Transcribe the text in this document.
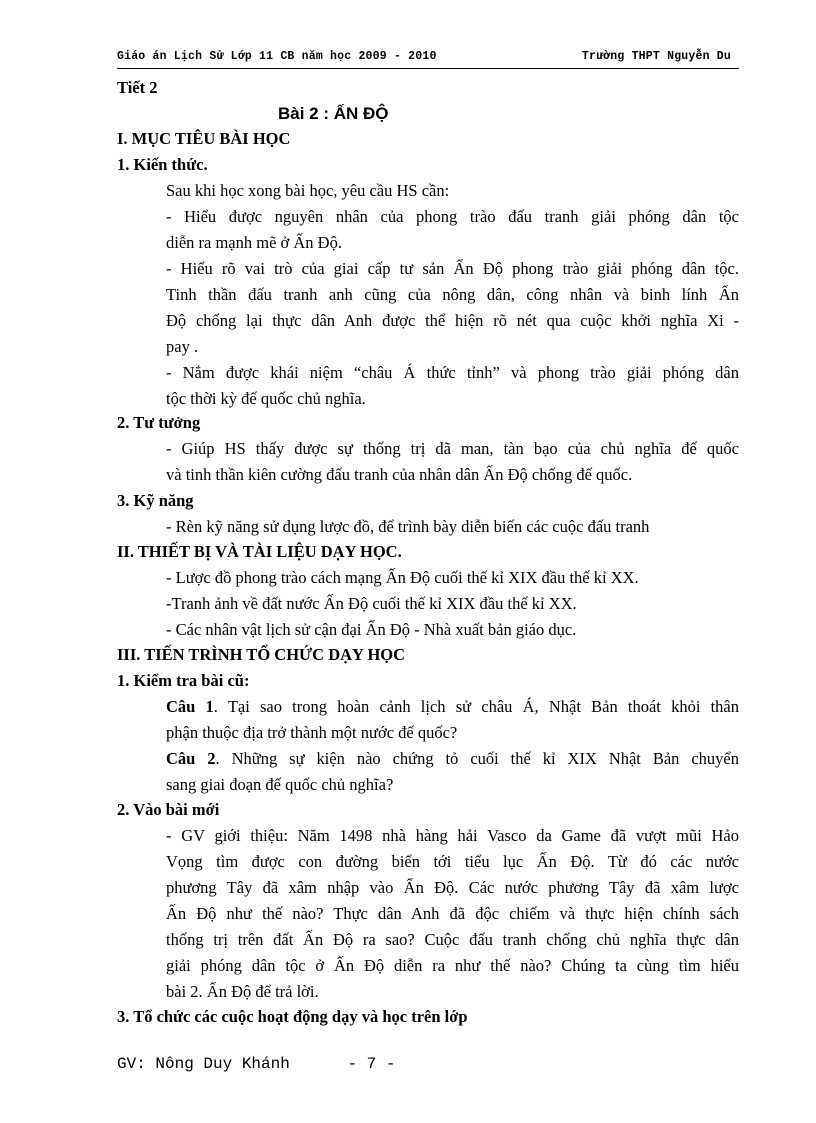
Giáo án Lịch Sử Lớp 11 CB năm học 2009 - 2010	Trường THPT Nguyễn Du
Tiết 2
Bài 2 : ẤN ĐỘ
I. MỤC TIÊU BÀI HỌC
1. Kiến thức.
Sau khi học xong bài học, yêu cầu HS cần:
- Hiểu được nguyên nhân của phong trào đấu tranh giải phóng dân tộc
diễn ra mạnh mẽ ở Ấn Độ.
- Hiểu rõ vai trò của giai cấp tư sản Ấn Độ phong trào giải phóng dân tộc.
Tinh thần đấu tranh anh cũng của nông dân, công nhân và binh lính Ấn
Độ chống lại thực dân Anh được thể hiện rõ nét qua cuộc khởi nghĩa Xi -
pay .
- Nắm được khái niệm “châu Á thức tỉnh” và phong trào giải phóng dân
tộc thời kỳ đế quốc chủ nghĩa.
2. Tư tưởng
- Giúp HS thấy được sự thống trị dã man, tàn bạo của chủ nghĩa đế quốc
và tinh thần kiên cường đấu tranh của nhân dân Ấn Độ chống đế quốc.
3. Kỹ năng
- Rèn kỹ năng sử dụng lược đồ, để trình bày diễn biến các cuộc đấu tranh
II. THIẾT BỊ VÀ TÀI LIỆU DẠY HỌC.
- Lược đồ phong trào cách mạng Ấn Độ cuối thế kỉ XIX đầu thế kỉ XX.
-Tranh ảnh về đất nước Ấn Độ cuối thế kỉ XIX đầu thế kỉ XX.
- Các nhân vật lịch sử cận đại Ấn Độ - Nhà xuất bản giáo dục.
III. TIẾN TRÌNH TỔ CHỨC DẠY HỌC
1. Kiểm tra bài cũ:
Câu 1. Tại sao trong hoàn cảnh lịch sử châu Á, Nhật Bản thoát khỏi thân
phận thuộc địa trở thành một nước đế quốc?
Câu 2. Những sự kiện nào chứng tỏ cuối thế kỉ XIX Nhật Bản chuyển
sang giai đoạn đế quốc chủ nghĩa?
2. Vào bài mới
- GV giới thiệu: Năm 1498 nhà hàng hải Vasco da Game đã vượt mũi Hảo
Vọng tìm được con đường biển tới tiểu lục Ấn Độ. Từ đó các nước
phương Tây đã xâm nhập vào Ấn Độ. Các nước phương Tây đã xâm lược
Ấn Độ như thế nào? Thực dân Anh đã độc chiếm và thực hiện chính sách
thống trị trên đất Ấn Độ ra sao? Cuộc đấu tranh chống chủ nghĩa thực dân
giải phóng dân tộc ở Ấn Độ diễn ra như thế nào? Chúng ta cùng tìm hiểu
bài 2. Ấn Độ để trả lời.
3. Tổ chức các cuộc hoạt động dạy và học trên lớp
GV: Nông Duy Khánh	- 7 -
